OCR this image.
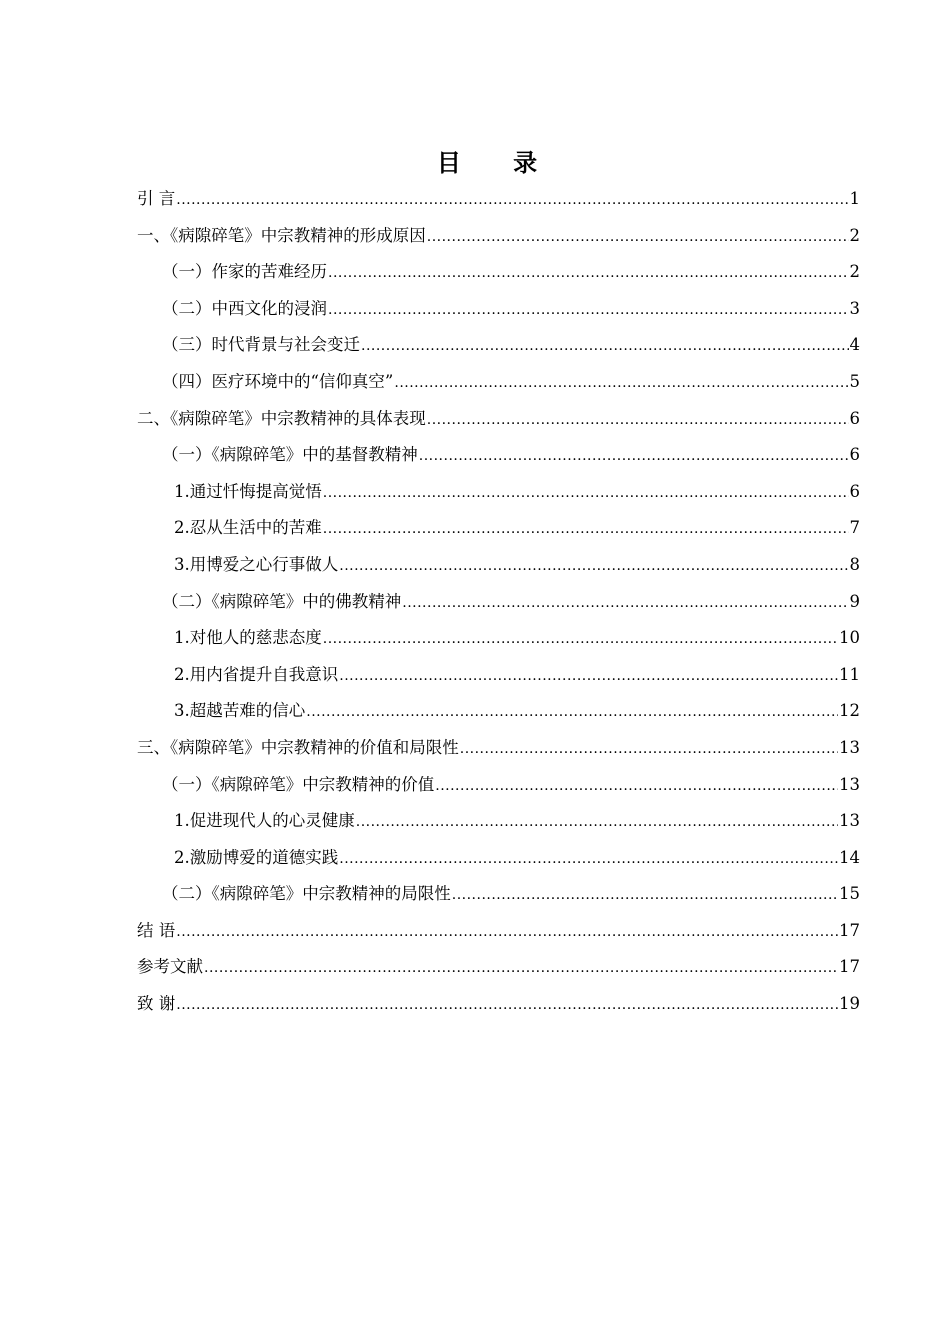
目 录
引 言 .....	1
一、《病隙碎笔》中宗教精神的形成原因 .....	2
（一）作家的苦难经历 .....	2
（二）中西文化的浸润 .....	3
（三）时代背景与社会变迁 .....	4
（四）医疗环境中的“信仰真空” .....	5
二、《病隙碎笔》中宗教精神的具体表现 .....	6
（一）《病隙碎笔》中的基督教精神 .....	6
1.通过忏悔提高觉悟 .....	6
2.忍从生活中的苦难 .....	7
3.用博爱之心行事做人 .....	8
（二）《病隙碎笔》中的佛教精神 .....	9
1.对他人的慈悲态度 .....	10
2.用内省提升自我意识 .....	11
3.超越苦难的信心 .....	12
三、《病隙碎笔》中宗教精神的价值和局限性 .....	13
（一）《病隙碎笔》中宗教精神的价值 .....	13
1.促进现代人的心灵健康 .....	13
2.激励博爱的道德实践 .....	14
（二）《病隙碎笔》中宗教精神的局限性 .....	15
结 语 .....	17
参考文献 .....	17
致 谢 .....	19
